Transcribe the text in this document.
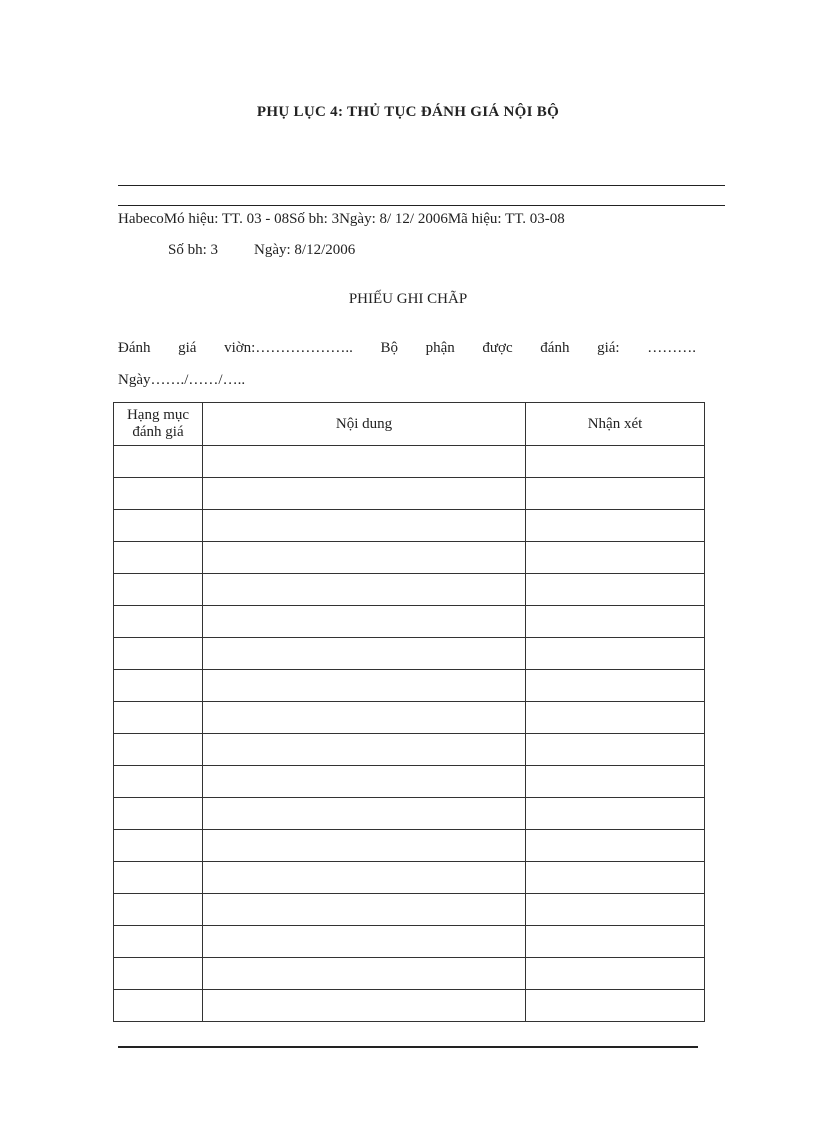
PHỤ LỤC 4: THỦ TỤC ĐÁNH GIÁ NỘI BỘ
HabecoMó hiệu: TT. 03 - 08Số bh: 3Ngày: 8/ 12/ 2006Mã hiệu: TT. 03-08
Số bh: 3 Ngày: 8/12/2006
PHIẾU GHI CHÃP
Đánh giá viờn:……………….. Bộ phận được đánh giá: ……….
Ngày……./……/…..
Hạng mục
đánh giá	Nội dung	Nhận xét
